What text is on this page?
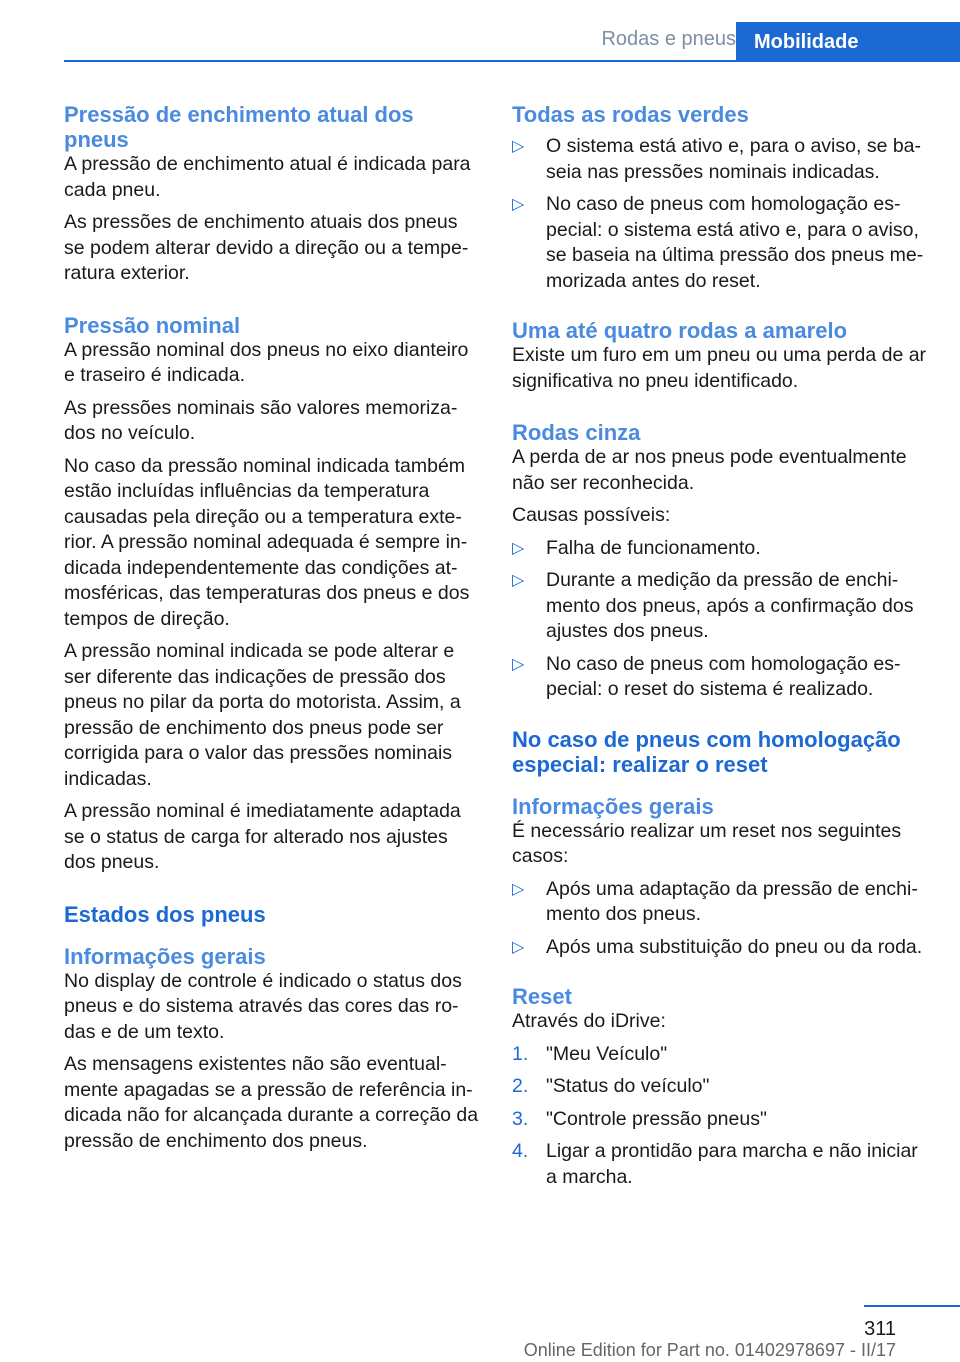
Rodas e pneus Mobilidade
Pressão de enchimento atual dos pneus

A pressão de enchimento atual é indicada para cada pneu.

As pressões de enchimento atuais dos pneus se podem alterar devido a direção ou a tempe- ratura exterior.

Pressão nominal

A pressão nominal dos pneus no eixo dianteiro e traseiro é indicada.

As pressões nominais são valores memoriza- dos no veículo.

No caso da pressão nominal indicada também estão incluídas influências da temperatura causadas pela direção ou a temperatura exte- rior. A pressão nominal adequada é sempre in- dicada independentemente das condições at- mosféricas, das temperaturas dos pneus e dos tempos de direção.

A pressão nominal indicada se pode alterar e ser diferente das indicações de pressão dos pneus no pilar da porta do motorista. Assim, a pressão de enchimento dos pneus pode ser corrigida para o valor das pressões nominais indicadas.

A pressão nominal é imediatamente adaptada se o status de carga for alterado nos ajustes dos pneus.

Estados dos pneus
Informações gerais

No display de controle é indicado o status dos pneus e do sistema através das cores das ro- das e de um texto.

As mensagens existentes não são eventual- mente apagadas se a pressão de referência in- dicada não for alcançada durante a correção da pressão de enchimento dos pneus.

Todas as rodas verdes
▷ O sistema está ativo e, para o aviso, se ba- seia nas pressões nominais indicadas.
▷ No caso de pneus com homologação es- pecial: o sistema está ativo e, para o aviso, se baseia na última pressão dos pneus me- morizada antes do reset.
Uma até quatro rodas a amarelo

Existe um furo em um pneu ou uma perda de ar significativa no pneu identificado.

Rodas cinza

A perda de ar nos pneus pode eventualmente não ser reconhecida.

Causas possíveis:

▷ Falha de funcionamento.
▷ Durante a medição da pressão de enchi- mento dos pneus, após a confirmação dos ajustes dos pneus.
▷ No caso de pneus com homologação es- pecial: o reset do sistema é realizado.
No caso de pneus com homologação especial: realizar o reset
Informações gerais

É necessário realizar um reset nos seguintes casos:

▷ Após uma adaptação da pressão de enchi- mento dos pneus.
▷ Após uma substituição do pneu ou da roda.
Reset

Através do iDrive:

1. "Meu Veículo"
2. "Status do veículo"
3. "Controle pressão pneus"
4. Ligar a prontidão para marcha e não iniciar a marcha.
311
Online Edition for Part no. 01402978697 - II/17
